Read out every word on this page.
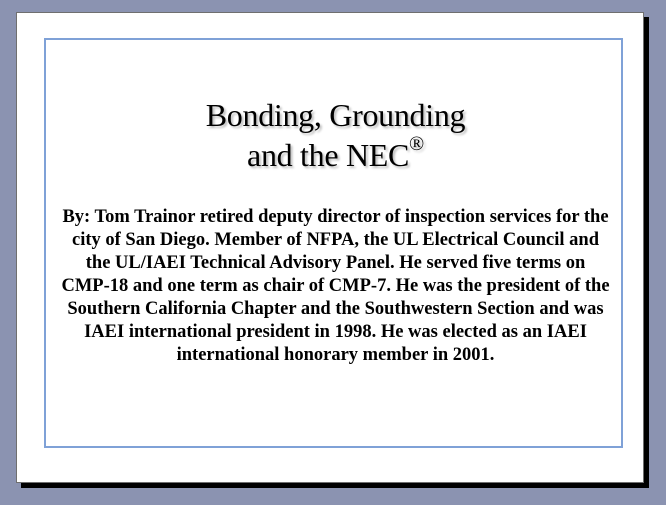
Bonding, Grounding
and the NEC®
By: Tom Trainor retired deputy director of inspection services for the city of San Diego. Member of NFPA, the UL Electrical Council and the UL/IAEI Technical Advisory Panel. He served five terms on CMP-18 and one term as chair of CMP-7. He was the president of the Southern California Chapter and the Southwestern Section and was IAEI international president in 1998. He was elected as an IAEI international honorary member in 2001.
